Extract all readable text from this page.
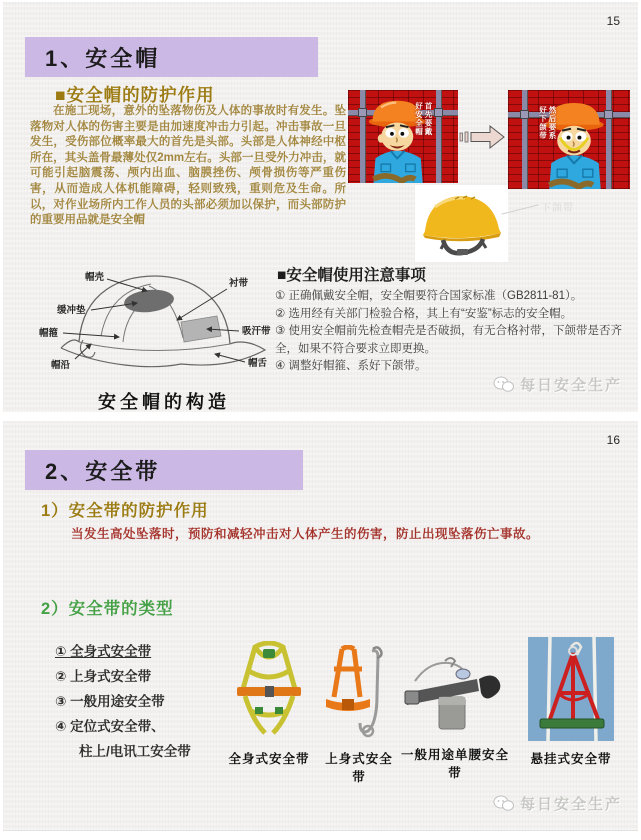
15
1、安全帽
■安全帽的防护作用
在施工现场，意外的坠落物伤及人体的事故时有发生。坠落物对人体的伤害主要是由加速度冲击力引起。冲击事故一旦发生，受伤部位概率最大的首先是头部。头部是人体神经中枢所在，其头盖骨最薄处仅2mm左右。头部一旦受外力冲击，就可能引起脑震荡、颅内出血、脑膜挫伤、颅骨损伤等严重伤害，从而造成人体机能障碍，轻则致残，重则危及生命。所以，对作业场所内工作人员的头部必须加以保护，而头部防护的重要用品就是安全帽
首先要戴好安全帽	然后要系好下颌带
下颌带
■安全帽使用注意事项
① 正确佩戴安全帽，安全帽要符合国家标准（GB2811-81）。
② 选用经有关部门检验合格，其上有“安鉴”标志的安全帽。
③ 使用安全帽前先检查帽壳是否破损，有无合格衬带，下颌带是否齐全，如果不符合要求立即更换。
④ 调整好帽箍、系好下颌带。
帽壳
缓冲垫
帽箍
帽沿
衬带
吸汗带
帽舌
安全帽的构造
每日安全生产
16
2、安全带
1）安全带的防护作用
当发生高处坠落时，预防和减轻冲击对人体产生的伤害，防止出现坠落伤亡事故。
2）安全带的类型
① 全身式安全带
② 上身式安全带
③ 一般用途安全带
④ 定位式安全带、
柱上/电讯工安全带	全身式安全带	上身式安全带
一般用途单腰安全带
悬挂式安全带
每日安全生产
